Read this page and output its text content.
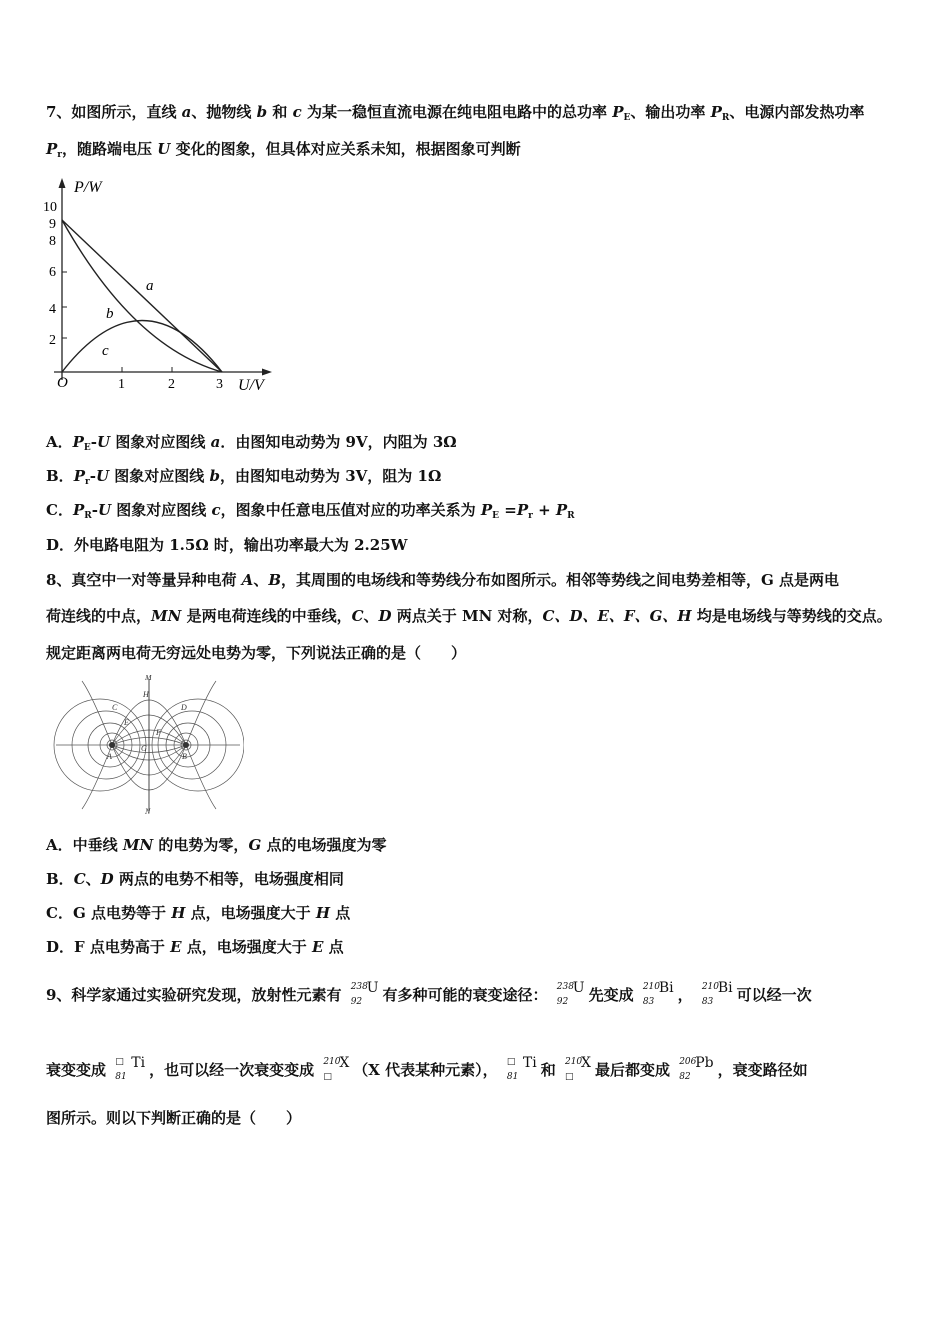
7、如图所示，直线 a、抛物线 b 和 c 为某一稳恒直流电源在纯电阻电路中的总功率 $P_E$、输出功率 $P_R$、电源内部发热功率
$P_r$，随路端电压 U 变化的图象，但具体对应关系未知，根据图象可判断
P/W
U/V
O
10
9
8
6
4
2
1	2	3
a
b
c
A．$P_E-U$ 图象对应图线 a．由图知电动势为 9V，内阻为 3Ω
B．$P_r-U$ 图象对应图线 b，由图知电动势为 3V，阻为 1Ω
C．$P_R-U$ 图象对应图线 c，图象中任意电压值对应的功率关系为 $P_E =P_r + P_R$
D．外电路电阻为 1.5Ω 时，输出功率最大为 2.25W
8、真空中一对等量异种电荷 A、B，其周围的电场线和等势线分布如图所示。相邻等势线之间电势差相等，G 点是两电
荷连线的中点，MN 是两电荷连线的中垂线，C、D 两点关于 MN 对称，C、D、E、F、G、H 均是电场线与等势线的交点。
规定距离两电荷无穷远处电势为零，下列说法正确的是（　　）
M
N
H
C	D
E
F
G
A	B
A．中垂线 MN 的电势为零，G 点的电场强度为零
B．C、D 两点的电势不相等，电场强度相同
C．G 点电势等于 H 点，电场强度大于 H 点
D．F 点电势高于 E 点，电场强度大于 E 点
9、科学家通过实验研究发现，放射性元素有 238
92
U 有多种可能的衰变途径： 238
92
U 先变成 210
83
Bi ， 210
83
Bi 可以经一次
衰变变成 □
81
Ti ，也可以经一次衰变变成 210
□
X （X 代表某种元素）， □
81
Ti 和 210
□
X 最后都变成 206
82
Pb ，衰变路径如
图所示。则以下判断正确的是（　　）
